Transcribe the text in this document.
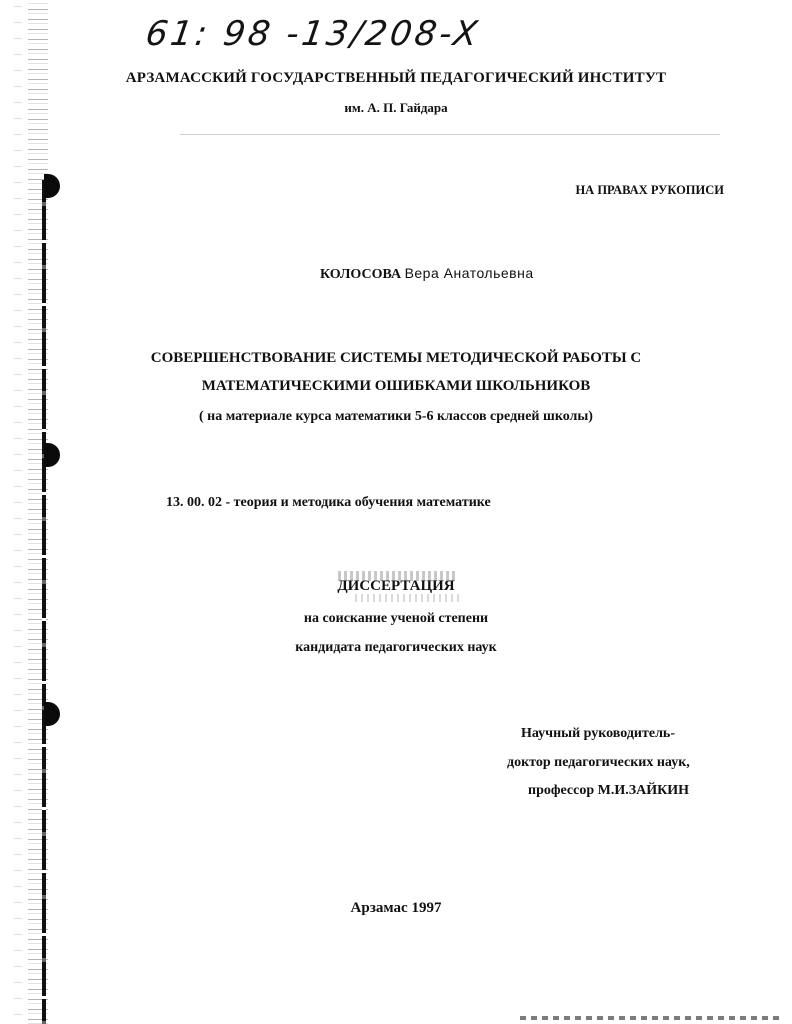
61: 98 -13/208-X
АРЗАМАССКИЙ ГОСУДАРСТВЕННЫЙ ПЕДАГОГИЧЕСКИЙ ИНСТИТУТ
им. А. П. Гайдара
НА ПРАВАХ РУКОПИСИ
КОЛОСОВА Вера Анатольевна
СОВЕРШЕНСТВОВАНИЕ СИСТЕМЫ МЕТОДИЧЕСКОЙ РАБОТЫ С
МАТЕМАТИЧЕСКИМИ ОШИБКАМИ ШКОЛЬНИКОВ
( на материале курса математики 5-6 классов средней школы)
13. 00. 02 - теория и методика обучения математике
ДИССЕРТАЦИЯ
на соискание ученой степени
кандидата педагогических наук
Научный руководитель-
доктор педагогических наук,
профессор М.И.ЗАЙКИН
Арзамас 1997
